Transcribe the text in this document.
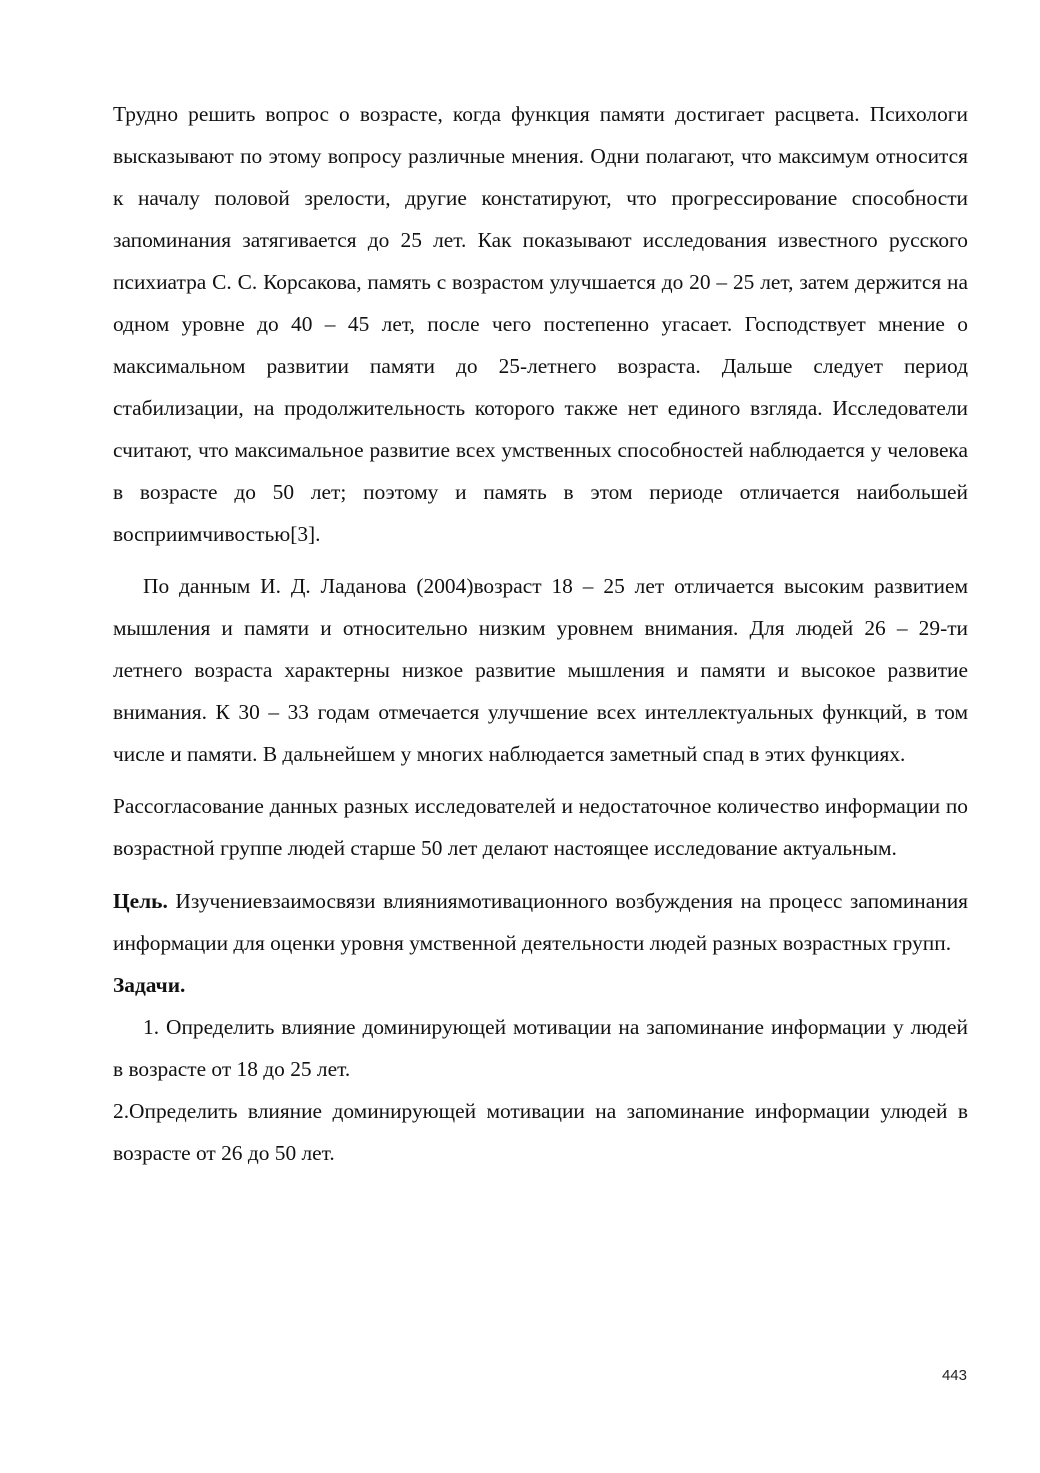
Трудно решить вопрос о возрасте, когда функция памяти достигает расцвета. Психологи высказывают по этому вопросу различные мнения. Одни полагают, что максимум относится к началу половой зрелости, другие констатируют, что прогрессирование способности запоминания затягивается до 25 лет. Как показывают исследования известного русского психиатра С. С. Корсакова, память с возрастом улучшается до 20 – 25 лет, затем держится на одном уровне до 40 – 45 лет, после чего постепенно угасает. Господствует мнение о максимальном развитии памяти до 25-летнего возраста. Дальше следует период стабилизации, на продолжительность которого также нет единого взгляда. Исследователи считают, что максимальное развитие всех умственных способностей наблюдается у человека в возрасте до 50 лет; поэтому и память в этом периоде отличается наибольшей восприимчивостью[3].

По данным И. Д. Ладанова (2004)возраст 18 – 25 лет отличается высоким развитием мышления и памяти и относительно низким уровнем внимания. Для людей 26 – 29-ти летнего возраста характерны низкое развитие мышления и памяти и высокое развитие внимания. К 30 – 33 годам отмечается улучшение всех интеллектуальных функций, в том числе и памяти. В дальнейшем у многих наблюдается заметный спад в этих функциях.

Рассогласование данных разных исследователей и недостаточное количество информации по возрастной группе людей старше 50 лет делают настоящее исследование актуальным.

Цель. Изучениевзаимосвязи влияниямотивационного возбуждения на процесс запоминания информации для оценки уровня умственной деятельности людей разных возрастных групп.

Задачи.

1. Определить влияние доминирующей мотивации на запоминание информации у людей в возрасте от 18 до 25 лет.

2.Определить влияние доминирующей мотивации на запоминание информации улюдей в возрасте от 26 до 50 лет.

443
